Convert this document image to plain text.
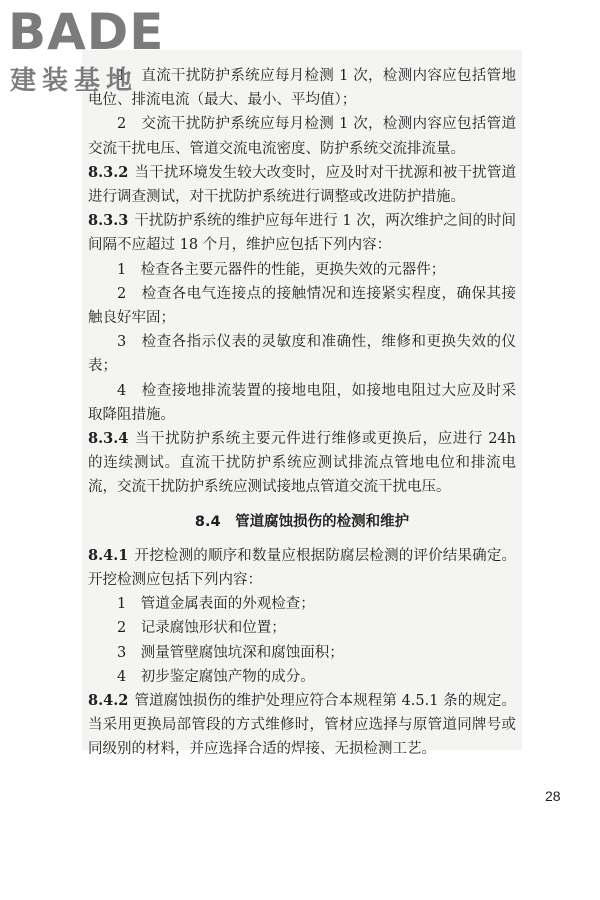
BADE
建装基地

1　直流干扰防护系统应每月检测 1 次，检测内容应包括管地电位、排流电流（最大、最小、平均值）；

2　交流干扰防护系统应每月检测 1 次，检测内容应包括管道交流干扰电压、管道交流电流密度、防护系统交流排流量。

8.3.2 当干扰环境发生较大改变时，应及时对干扰源和被干扰管道进行调查测试，对干扰防护系统进行调整或改进防护措施。

8.3.3 干扰防护系统的维护应每年进行 1 次，两次维护之间的时间间隔不应超过 18 个月，维护应包括下列内容：

1　检查各主要元器件的性能，更换失效的元器件；

2　检查各电气连接点的接触情况和连接紧实程度，确保其接触良好牢固；

3　检查各指示仪表的灵敏度和准确性，维修和更换失效的仪表；

4　检查接地排流装置的接地电阻，如接地电阻过大应及时采取降阻措施。

8.3.4 当干扰防护系统主要元件进行维修或更换后，应进行 24h 的连续测试。直流干扰防护系统应测试排流点管地电位和排流电流，交流干扰防护系统应测试接地点管道交流干扰电压。

8.4　管道腐蚀损伤的检测和维护

8.4.1 开挖检测的顺序和数量应根据防腐层检测的评价结果确定。开挖检测应包括下列内容：

1　管道金属表面的外观检查；

2　记录腐蚀形状和位置；

3　测量管壁腐蚀坑深和腐蚀面积；

4　初步鉴定腐蚀产物的成分。

8.4.2 管道腐蚀损伤的维护处理应符合本规程第 4.5.1 条的规定。当采用更换局部管段的方式维修时，管材应选择与原管道同牌号或同级别的材料，并应选择合适的焊接、无损检测工艺。

28
